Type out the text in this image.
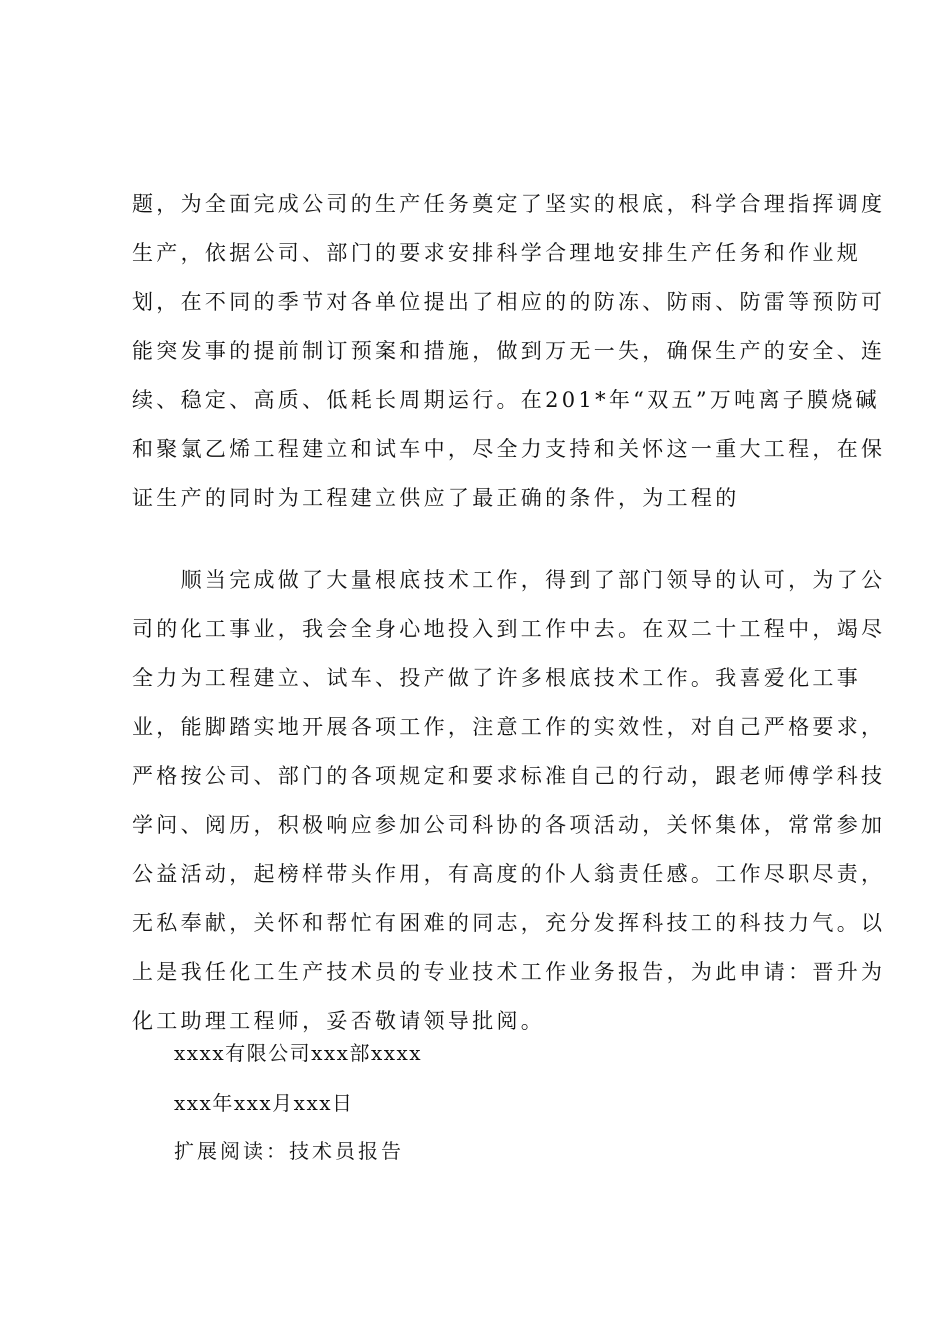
题，为全面完成公司的生产任务奠定了坚实的根底，科学合理指挥调度
生产，依据公司、部门的要求安排科学合理地安排生产任务和作业规
划，在不同的季节对各单位提出了相应的的防冻、防雨、防雷等预防可
能突发事的提前制订预案和措施，做到万无一失，确保生产的安全、连
续、稳定、高质、低耗长周期运行。在201*年“双五”万吨离子膜烧碱
和聚氯乙烯工程建立和试车中，尽全力支持和关怀这一重大工程，在保
证生产的同时为工程建立供应了最正确的条件，为工程的
　　顺当完成做了大量根底技术工作，得到了部门领导的认可，为了公
司的化工事业，我会全身心地投入到工作中去。在双二十工程中，竭尽
全力为工程建立、试车、投产做了许多根底技术工作。我喜爱化工事
业，能脚踏实地开展各项工作，注意工作的实效性，对自己严格要求，
严格按公司、部门的各项规定和要求标准自己的行动，跟老师傅学科技
学问、阅历，积极响应参加公司科协的各项活动，关怀集体，常常参加
公益活动，起榜样带头作用，有高度的仆人翁责任感。工作尽职尽责，
无私奉献，关怀和帮忙有困难的同志，充分发挥科技工的科技力气。以
上是我任化工生产技术员的专业技术工作业务报告，为此申请：晋升为
化工助理工程师，妥否敬请领导批阅。
xxxx有限公司xxx部xxxx
xxx年xxx月xxx日
扩展阅读：技术员报告
